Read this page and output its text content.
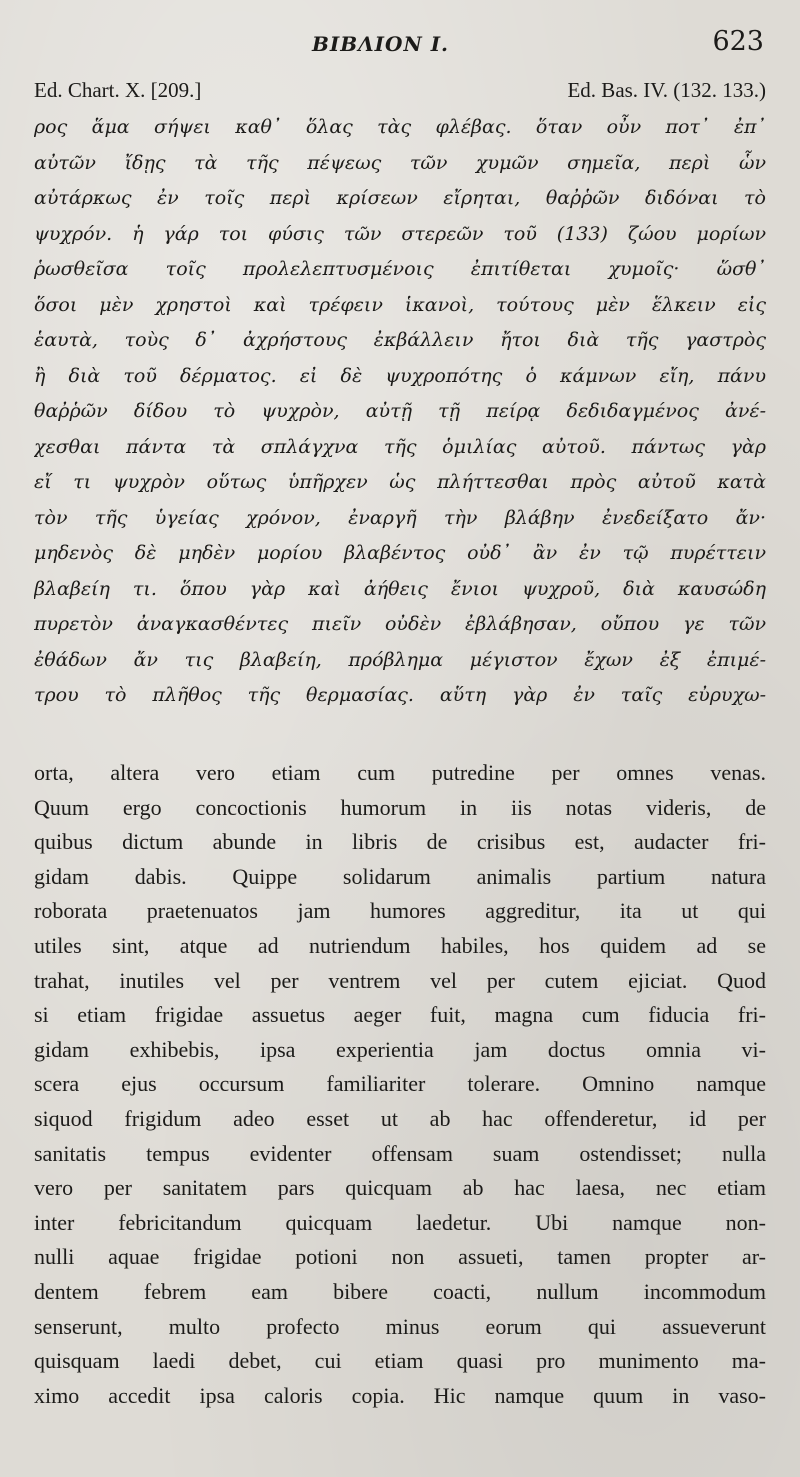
BIBΛΙΟΝ I.	623
Ed. Chart. X. [209.]	Ed. Bas. IV. (132. 133.)
ρος ἅμα σήψει καθ᾽ ὅλας τὰς φλέβας. ὅταν οὖν ποτ᾽ ἐπ᾽
αὐτῶν ἴδῃς τὰ τῆς πέψεως τῶν χυμῶν σημεῖα, περὶ ὧν
αὐτάρκως ἐν τοῖς περὶ κρίσεων εἴρηται, θαῤῥῶν διδόναι τὸ
ψυχρόν. ἡ γάρ τοι φύσις τῶν στερεῶν τοῦ (133) ζώου μορίων
ῥωσθεῖσα τοῖς προλελεπτυσμένοις ἐπιτίθεται χυμοῖς· ὥσθ᾽
ὅσοι μὲν χρηστοὶ καὶ τρέφειν ἱκανοὶ, τούτους μὲν ἕλκειν εἰς
ἑαυτὰ, τοὺς δ᾽ ἀχρήστους ἐκβάλλειν ἤτοι διὰ τῆς γαστρὸς
ἢ διὰ τοῦ δέρματος. εἰ δὲ ψυχροπότης ὁ κάμνων εἴη, πάνυ
θαῤῥῶν δίδου τὸ ψυχρὸν, αὐτῇ τῇ πείρᾳ δεδιδαγμένος ἀνέ-
χεσθαι πάντα τὰ σπλάγχνα τῆς ὁμιλίας αὐτοῦ. πάντως γὰρ
εἴ τι ψυχρὸν οὕτως ὑπῆρχεν ὡς πλήττεσθαι πρὸς αὐτοῦ κατὰ
τὸν τῆς ὑγείας χρόνον, ἐναργῆ τὴν βλάβην ἐνεδείξατο ἄν·
μηδενὸς δὲ μηδὲν μορίου βλαβέντος οὐδ᾽ ἂν ἐν τῷ πυρέττειν
βλαβείη τι. ὅπου γὰρ καὶ ἀήθεις ἔνιοι ψυχροῦ, διὰ καυσώδη
πυρετὸν ἀναγκασθέντες πιεῖν οὐδὲν ἐβλάβησαν, οὔπου γε τῶν
ἐθάδων ἄν τις βλαβείη, πρόβλημα μέγιστον ἔχων ἐξ ἐπιμέ-
τρου τὸ πλῆθος τῆς θερμασίας. αὕτη γὰρ ἐν ταῖς εὐρυχω-
orta, altera vero etiam cum putredine per omnes venas.
Quum ergo concoctionis humorum in iis notas videris, de
quibus dictum abunde in libris de crisibus est, audacter fri-
gidam dabis. Quippe solidarum animalis partium natura
roborata praetenuatos jam humores aggreditur, ita ut qui
utiles sint, atque ad nutriendum habiles, hos quidem ad se
trahat, inutiles vel per ventrem vel per cutem ejiciat. Quod
si etiam frigidae assuetus aeger fuit, magna cum fiducia fri-
gidam exhibebis, ipsa experientia jam doctus omnia vi-
scera ejus occursum familiariter tolerare. Omnino namque
siquod frigidum adeo esset ut ab hac offenderetur, id per
sanitatis tempus evidenter offensam suam ostendisset; nulla
vero per sanitatem pars quicquam ab hac laesa, nec etiam
inter febricitandum quicquam laedetur. Ubi namque non-
nulli aquae frigidae potioni non assueti, tamen propter ar-
dentem febrem eam bibere coacti, nullum incommodum
senserunt, multo profecto minus eorum qui assueverunt
quisquam laedi debet, cui etiam quasi pro munimento ma-
ximo accedit ipsa caloris copia. Hic namque quum in vaso-
